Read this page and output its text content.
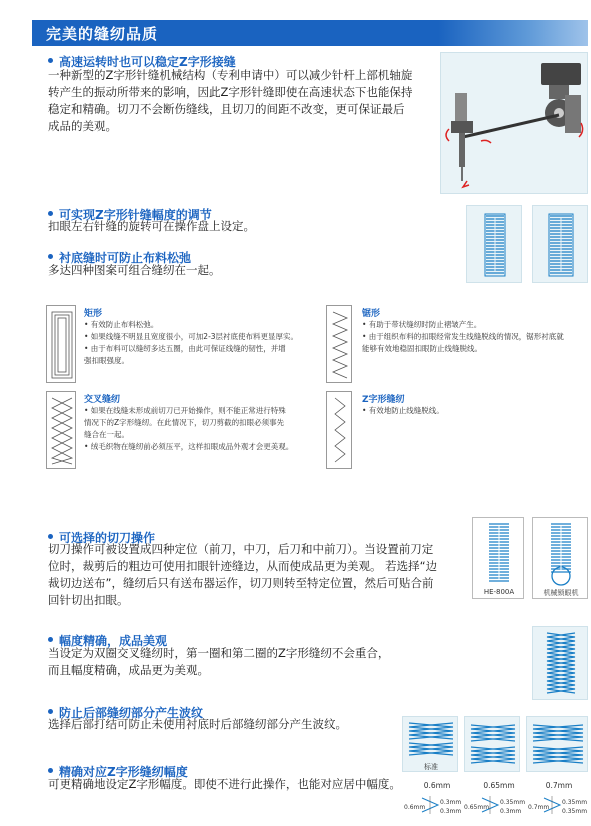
完美的缝纫品质
高速运转时也可以稳定Z字形接缝
一种新型的Z字形针缝机械结构（专利申请中）可以减少针杆上部机轴旋
转产生的振动所带来的影响，因此Z字形针缝即使在高速状态下也能保持
稳定和精确。切刀不会断伤缝线，且切刀的间距不改变，更可保证最后
成品的美观。
可实现Z字形针缝幅度的调节
扣眼左右针缝的旋转可在操作盘上设定。
衬底缝时可防止布料松弛
多达四种图案可组合缝纫在一起。
矩形
• 有效防止布料松弛。
• 如果线缝不明显且宽度很小，可加2-3层衬底使布料更显厚实。
• 由于布料可以缝纫多达五圈，由此可保证线缝的韧性，并增
强扣眼强度。
锯形
• 有助于带状缝纫时防止褶皱产生。
• 由于组织布料的扣眼经常发生线缝脱线的情况，锯形衬底就
能够有效地稳固扣眼防止线缝脱线。
交叉缝纫
• 如果在线缝未形成前切刀已开始操作，则不能正常进行特殊
情况下的Z字形缝纫。在此情况下，切刀剪截的扣眼必须事先
缝合在一起。
• 绒毛织物在缝纫前必须压平，这样扣眼成品外观才会更美观。
Z字形缝纫
• 有效地防止线缝脱线。
可选择的切刀操作
切刀操作可被设置成四种定位（前刀，中刀，后刀和中前刀）。当设置前刀定
位时，裁剪后的粗边可使用扣眼针迹缝边，从而使成品更为美观。 若选择“边
裁切边送布”，缝纫后只有送布器运作，切刀则转至特定位置，然后可贴合前
回针切出扣眼。
HE-800A	机械锁眼机
幅度精确，成品美观
当设定为双圈交叉缝纫时，第一圈和第二圈的Z字形缝纫不会重合，
而且幅度精确，成品更为美观。
防止后部缝纫部分产生波纹
选择后部打结可防止未使用衬底时后部缝纫部分产生波纹。
标准
精确对应Z字形缝纫幅度
可更精确地设定Z字形幅度。即使不进行此操作，也能对应居中幅度。	0.6mm	0.65mm	0.7mm
0.6mm
0.3mm
0.3mm
0.65mm
0.35mm
0.3mm
0.7mm
0.35mm
0.35mm
